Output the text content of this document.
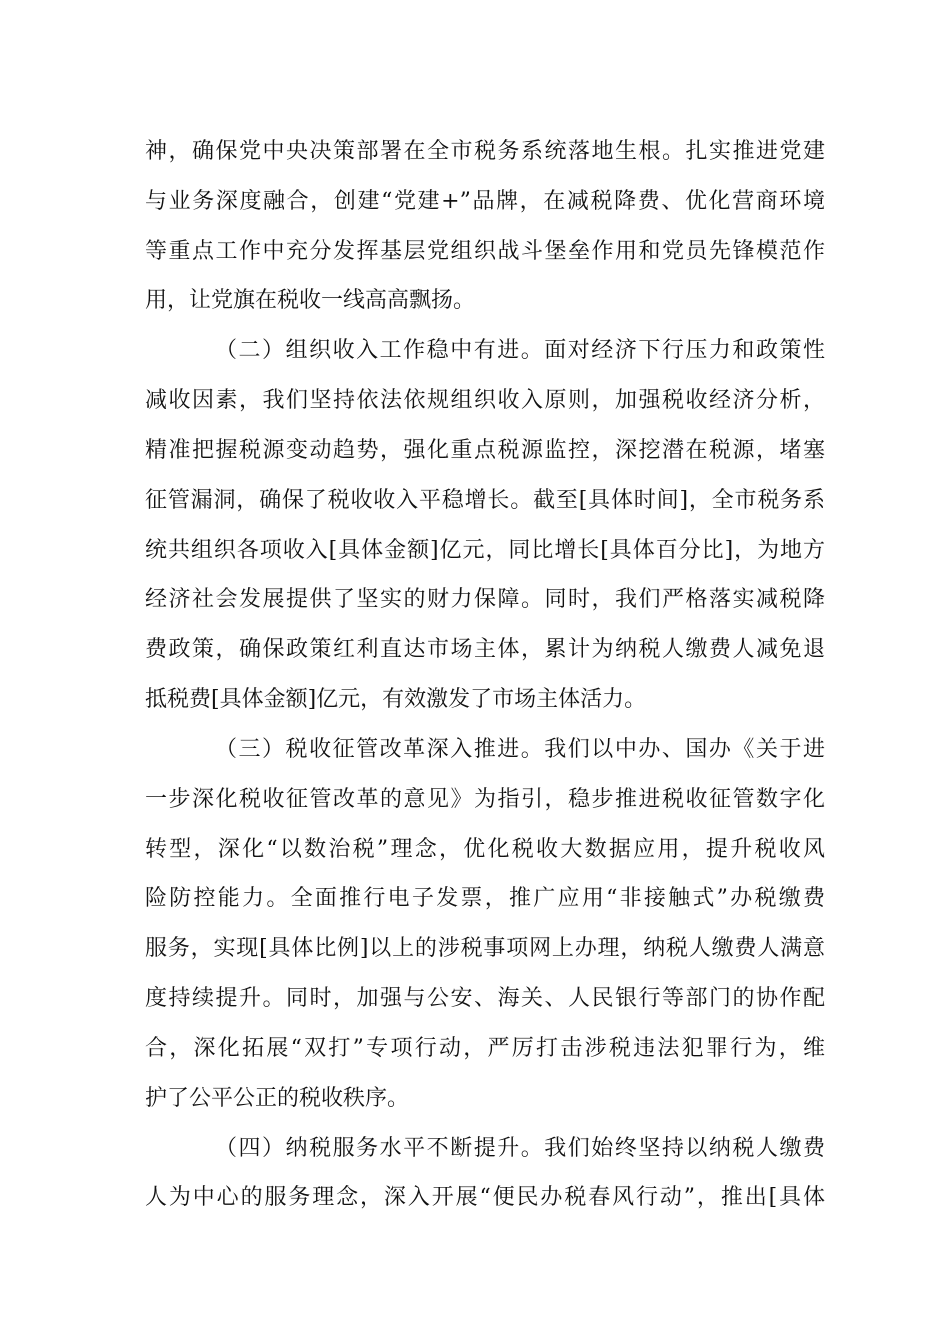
神，确保党中央决策部署在全市税务系统落地生根。扎实推进党建
与业务深度融合，创建“党建+”品牌，在减税降费、优化营商环境
等重点工作中充分发挥基层党组织战斗堡垒作用和党员先锋模范作
用，让党旗在税收一线高高飘扬。
（二）组织收入工作稳中有进。面对经济下行压力和政策性
减收因素，我们坚持依法依规组织收入原则，加强税收经济分析，
精准把握税源变动趋势，强化重点税源监控，深挖潜在税源，堵塞
征管漏洞，确保了税收收入平稳增长。截至[具体时间]，全市税务系
统共组织各项收入[具体金额]亿元，同比增长[具体百分比]，为地方
经济社会发展提供了坚实的财力保障。同时，我们严格落实减税降
费政策，确保政策红利直达市场主体，累计为纳税人缴费人减免退
抵税费[具体金额]亿元，有效激发了市场主体活力。
（三）税收征管改革深入推进。我们以中办、国办《关于进
一步深化税收征管改革的意见》为指引，稳步推进税收征管数字化
转型，深化“以数治税”理念，优化税收大数据应用，提升税收风
险防控能力。全面推行电子发票，推广应用“非接触式”办税缴费
服务，实现[具体比例]以上的涉税事项网上办理，纳税人缴费人满意
度持续提升。同时，加强与公安、海关、人民银行等部门的协作配
合，深化拓展“双打”专项行动，严厉打击涉税违法犯罪行为，维
护了公平公正的税收秩序。
（四）纳税服务水平不断提升。我们始终坚持以纳税人缴费
人为中心的服务理念，深入开展“便民办税春风行动”，推出[具体
